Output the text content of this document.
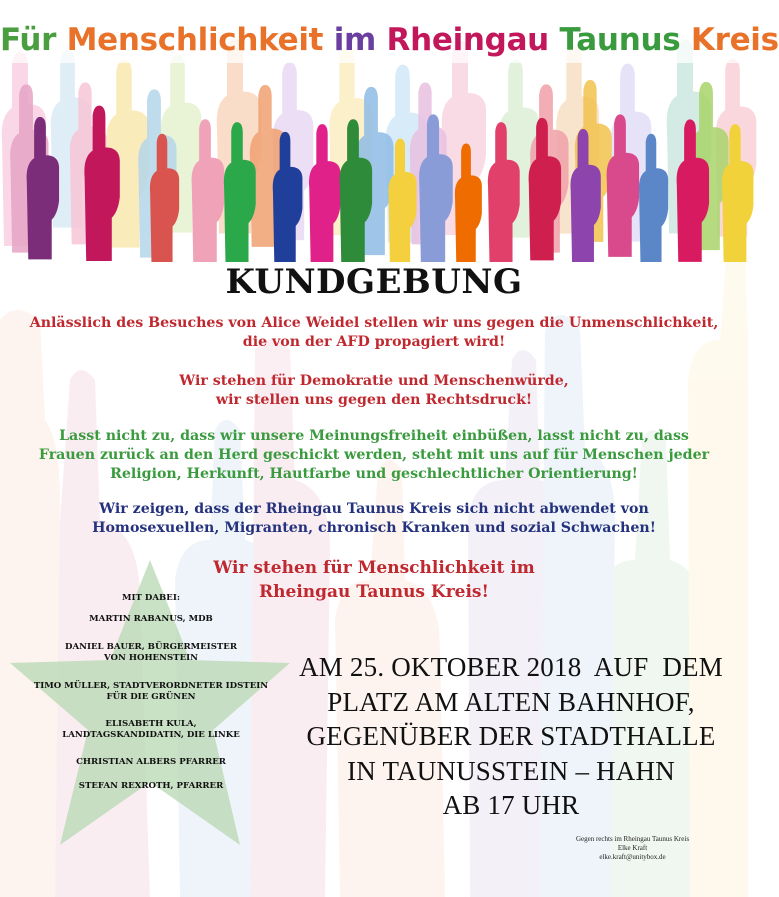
Für Menschlichkeit im Rheingau Taunus Kreis
KUNDGEBUNG
Anlässlich des Besuches von Alice Weidel stellen wir uns gegen die Unmenschlichkeit,
die von der AFD propagiert wird!
Wir stehen für Demokratie und Menschenwürde,
wir stellen uns gegen den Rechtsdruck!
Lasst nicht zu, dass wir unsere Meinungsfreiheit einbüßen, lasst nicht zu, dass
Frauen zurück an den Herd geschickt werden, steht mit uns auf für Menschen jeder
Religion, Herkunft, Hautfarbe und geschlechtlicher Orientierung!
Wir zeigen, dass der Rheingau Taunus Kreis sich nicht abwendet von
Homosexuellen, Migranten, chronisch Kranken und sozial Schwachen!
Wir stehen für Menschlichkeit im
Rheingau Taunus Kreis!
MIT DABEI:
MARTIN RABANUS, MDB
DANIEL BAUER, BÜRGERMEISTER
VON HOHENSTEIN
TIMO MÜLLER, STADTVERORDNETER IDSTEIN
FÜR DIE GRÜNEN
ELISABETH KULA,
LANDTAGSKANDIDATIN, DIE LINKE
CHRISTIAN ALBERS PFARRER
STEFAN REXROTH, PFARRER
AM 25. OKTOBER 2018  AUF  DEM
PLATZ AM ALTEN BAHNHOF,
GEGENÜBER DER STADTHALLE
IN TAUNUSSTEIN – HAHN
AB 17 UHR
Gegen rechts im Rheingau Taunus Kreis
Elke Kraft
elke.kraft@unitybox.de
